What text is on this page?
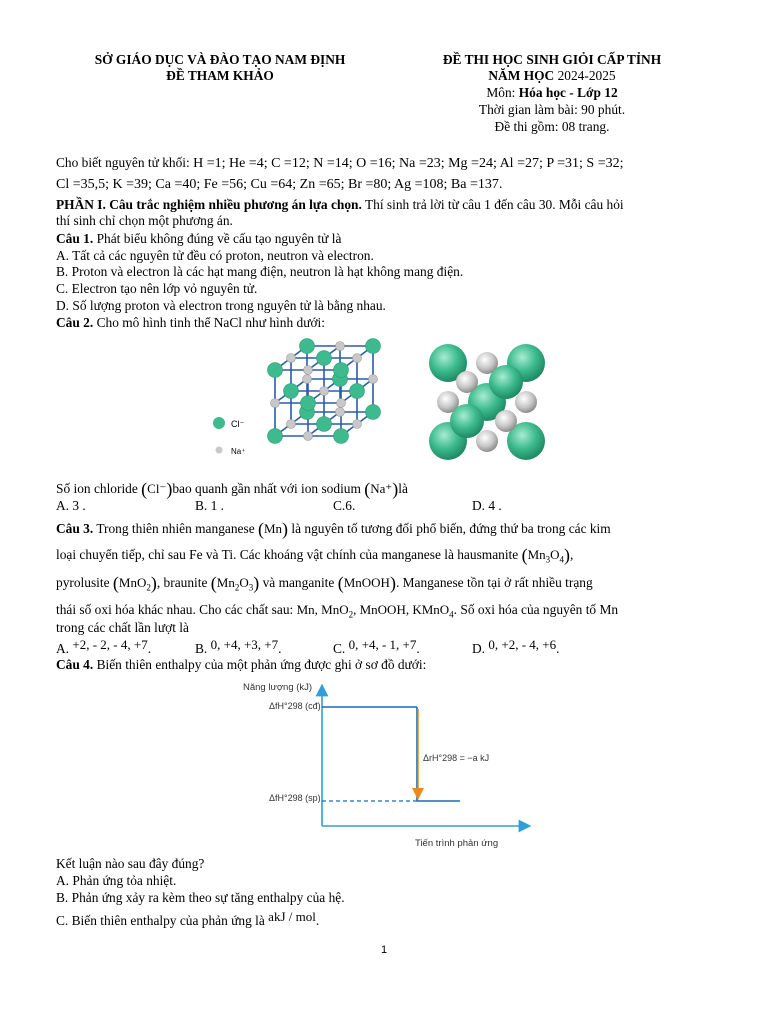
SỞ GIÁO DỤC VÀ ĐÀO TẠO NAM ĐỊNH
ĐỀ THAM KHẢO
ĐỀ THI HỌC SINH GIỎI CẤP TỈNH
NĂM HỌC 2024-2025
Môn: Hóa học - Lớp 12
Thời gian làm bài: 90 phút.
Đề thi gồm: 08 trang.
Cho biết nguyên tử khối: H =1; He =4; C =12; N =14; O =16; Na =23; Mg =24; Al =27; P =31; S =32;
Cl =35,5; K =39; Ca =40; Fe =56; Cu =64; Zn =65; Br =80; Ag =108; Ba =137.
PHẦN I. Câu trắc nghiệm nhiều phương án lựa chọn. Thí sinh trả lời từ câu 1 đến câu 30. Mỗi câu hỏi
thí sinh chỉ chọn một phương án.
Câu 1. Phát biểu không đúng về cấu tạo nguyên tử là
A. Tất cả các nguyên tử đều có proton, neutron và electron.
B. Proton và electron là các hạt mang điện, neutron là hạt không mang điện.
C. Electron tạo nên lớp vỏ nguyên tử.
D. Số lượng proton và electron trong nguyên tử là bằng nhau.
Câu 2. Cho mô hình tinh thể NaCl như hình dưới:
Cl⁻
Na⁺
Số ion chloride (Cl⁻)bao quanh gần nhất với ion sodium (Na⁺)là
A. 3 .	B. 1 .	C.6.	D. 4 .
Câu 3. Trong thiên nhiên manganese (Mn) là nguyên tố tương đối phổ biến, đứng thứ ba trong các kim
loại chuyển tiếp, chỉ sau Fe và Ti. Các khoáng vật chính của manganese là hausmanite $(Mn_3O_4)$,
pyrolusite (MnO$_2$), braunite $(Mn_2O_3)$ và manganite (MnOOH). Manganese tồn tại ở rất nhiều trạng
thái số oxi hóa khác nhau. Cho các chất sau: Mn, MnO$_2$, MnOOH, KMnO$_4$. Số oxi hóa của nguyên tố Mn
trong các chất lần lượt là
A. +2, - 2, - 4, +7.	B. 0, +4, +3, +7.	C. 0, +4, - 1, +7.	D. 0, +2, - 4, +6.
Câu 4. Biến thiên enthalpy của một phản ứng được ghi ở sơ đồ dưới:
Năng lượng (kJ)
Tiến trình phản ứng
ΔfH°298 (cđ)
ΔfH°298 (sp)
ΔrH°298 = −a kJ
Kết luận nào sau đây đúng?
A. Phản ứng tỏa nhiệt.
B. Phản ứng xảy ra kèm theo sự tăng enthalpy của hệ.
C. Biến thiên enthalpy của phản ứng là akJ / mol.
1
